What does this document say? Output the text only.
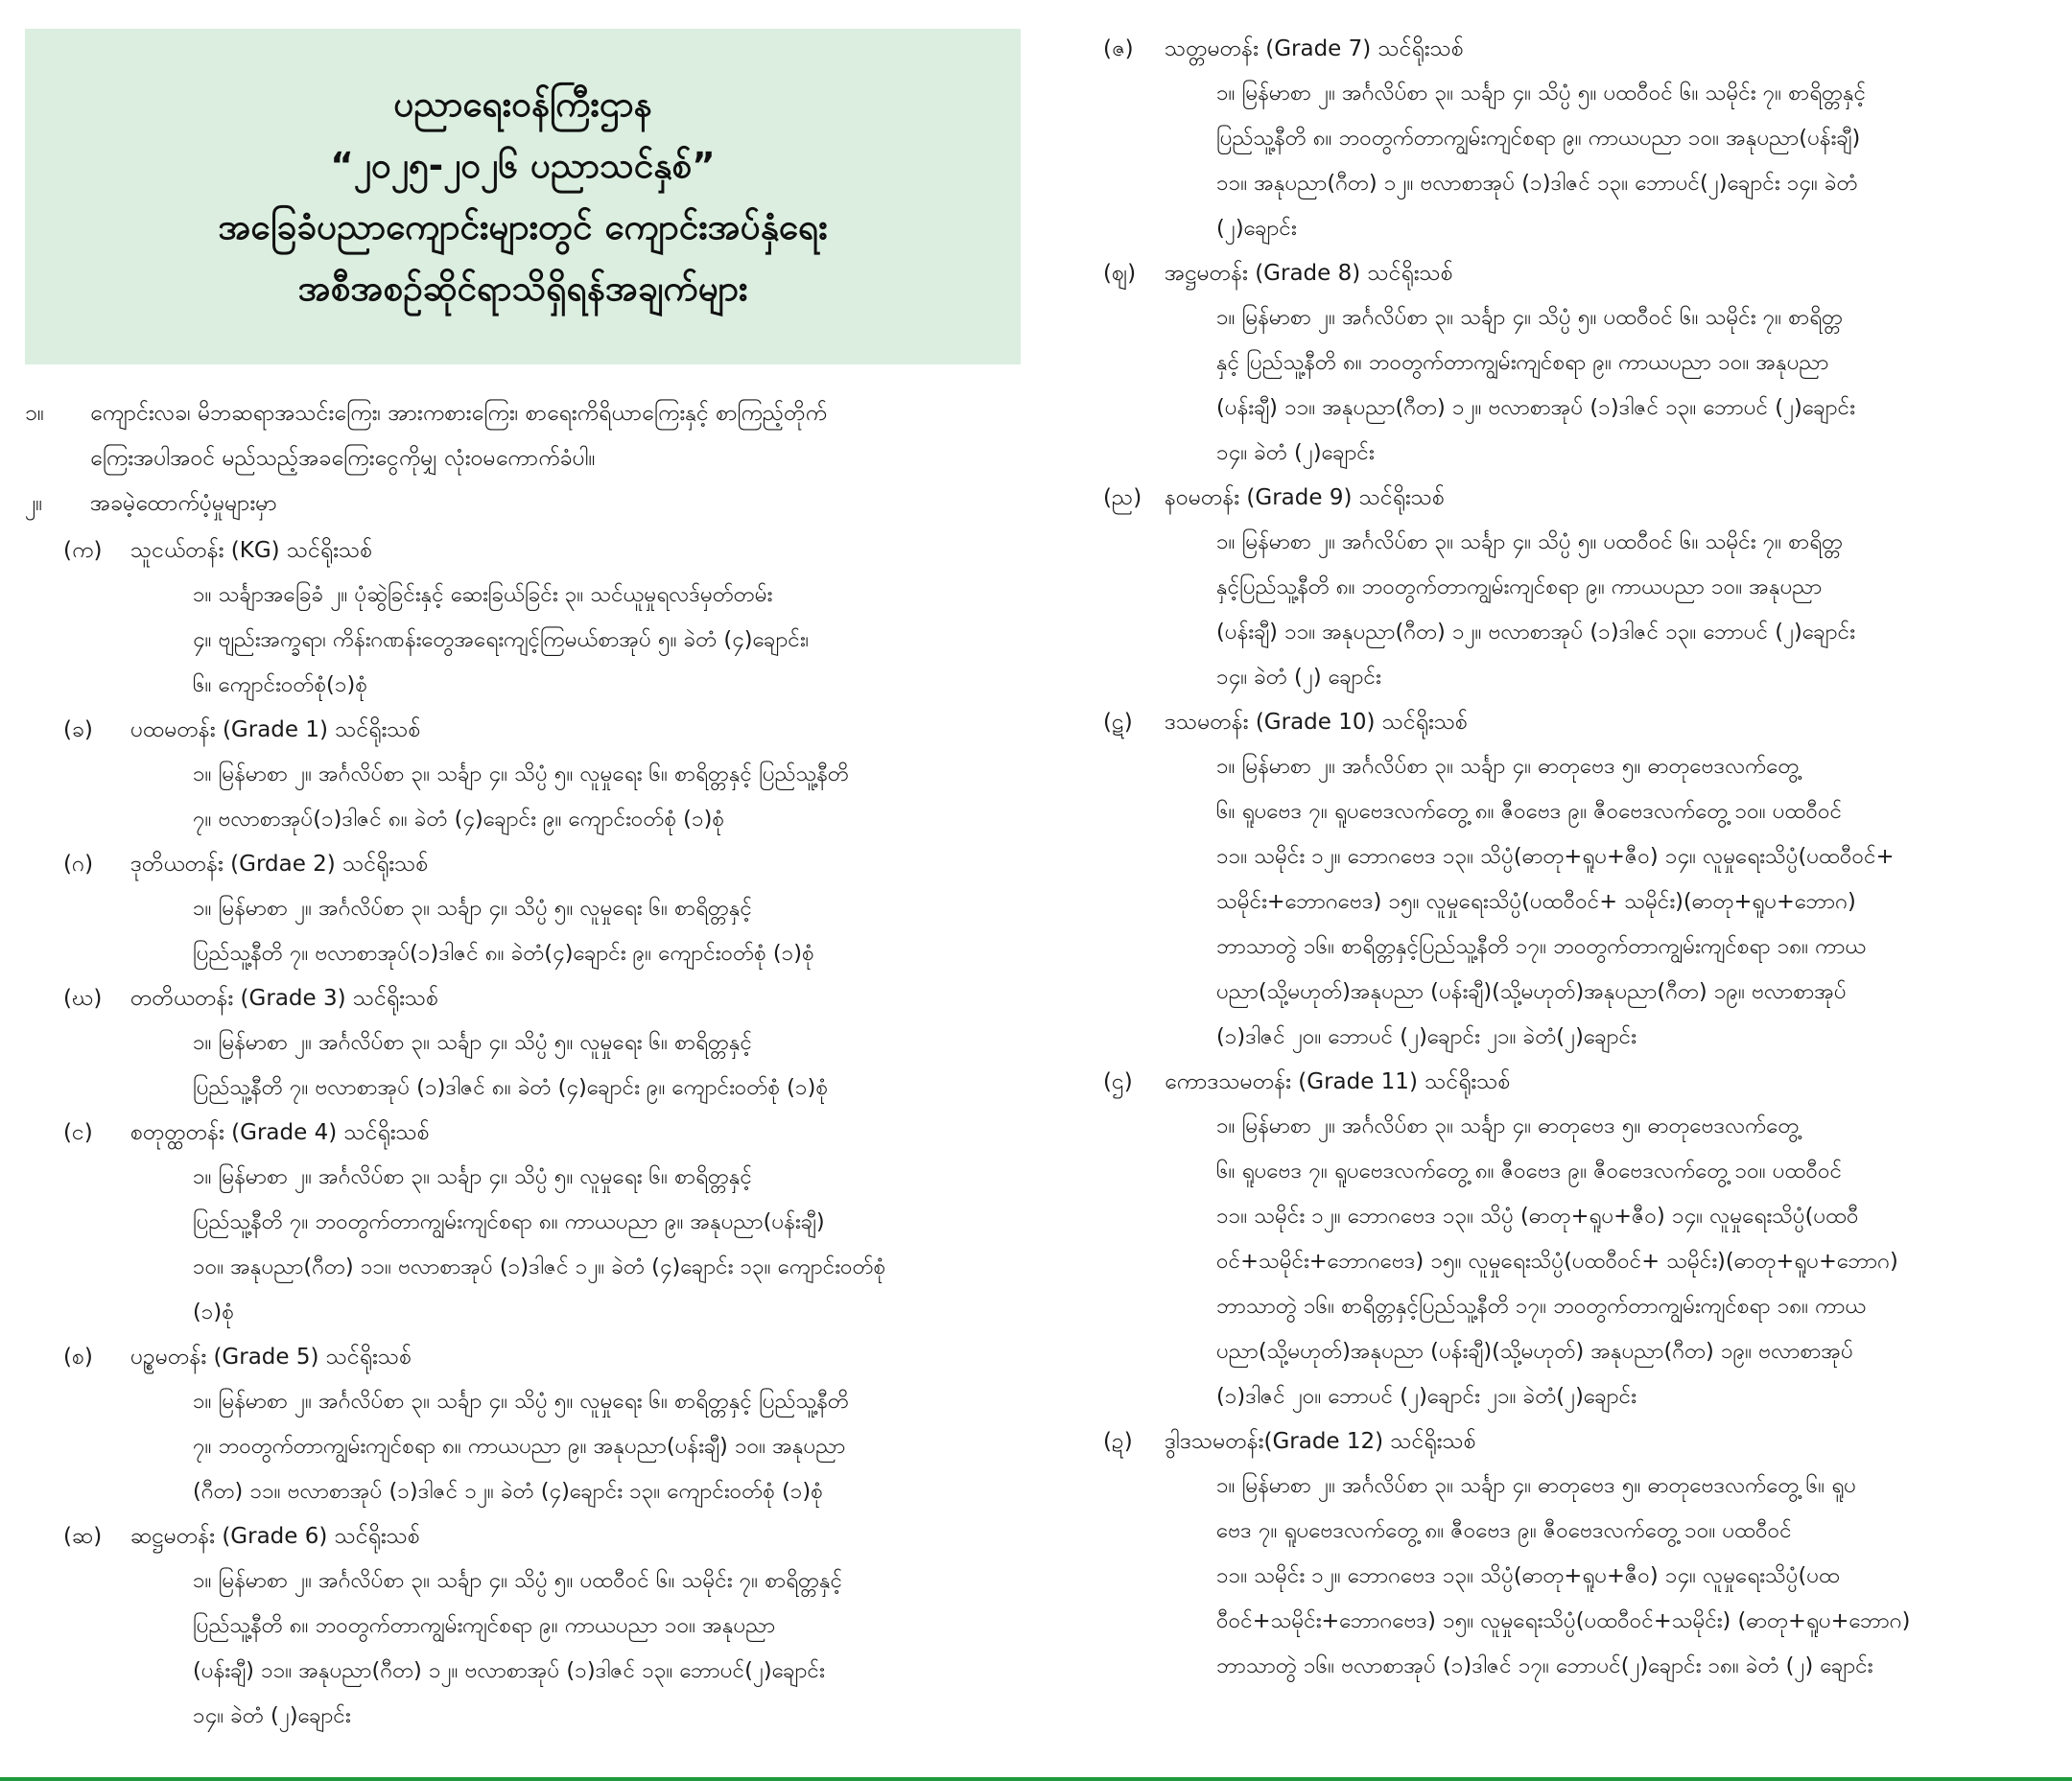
ပညာရေးဝန်ကြီးဌာန
“၂၀၂၅-၂၀၂၆ ပညာသင်နှစ်”
အခြေခံပညာကျောင်းများတွင် ကျောင်းအပ်နှံရေး
အစီအစဉ်ဆိုင်ရာသိရှိရန်အချက်များ
၁။	ကျောင်းလခ၊ မိဘဆရာအသင်းကြေး၊ အားကစားကြေး၊ စာရေးကိရိယာကြေးနှင့် စာကြည့်တိုက်
ကြေးအပါအဝင် မည်သည့်အခကြေးငွေကိုမျှ လုံးဝမကောက်ခံပါ။
၂။	အခမဲ့ထောက်ပံ့မှုများမှာ
(က)	သူငယ်တန်း (KG) သင်ရိုးသစ်
၁။ သင်္ချာအခြေခံ ၂။ ပုံဆွဲခြင်းနှင့် ဆေးခြယ်ခြင်း ၃။ သင်ယူမှုရလဒ်မှတ်တမ်း
၄။ ဗျည်းအက္ခရာ၊ ကိန်းဂဏန်းတွေအရေးကျင့်ကြမယ်စာအုပ် ၅။ ခဲတံ (၄)ချောင်း၊
၆။ ကျောင်းဝတ်စုံ(၁)စုံ
(ခ)	ပထမတန်း (Grade 1) သင်ရိုးသစ်
၁။ မြန်မာစာ ၂။ အင်္ဂလိပ်စာ ၃။ သင်္ချာ ၄။ သိပ္ပံ ၅။ လူမှုရေး ၆။ စာရိတ္တနှင့် ပြည်သူ့နီတိ
၇။ ဗလာစာအုပ်(၁)ဒါဇင် ၈။ ခဲတံ (၄)ချောင်း ၉။ ကျောင်းဝတ်စုံ (၁)စုံ
(ဂ)	ဒုတိယတန်း (Grdae 2) သင်ရိုးသစ်
၁။ မြန်မာစာ ၂။ အင်္ဂလိပ်စာ ၃။ သင်္ချာ ၄။ သိပ္ပံ ၅။ လူမှုရေး ၆။ စာရိတ္တနှင့်
ပြည်သူ့နီတိ ၇။ ဗလာစာအုပ်(၁)ဒါဇင် ၈။ ခဲတံ(၄)ချောင်း ၉။ ကျောင်းဝတ်စုံ (၁)စုံ
(ဃ)	တတိယတန်း (Grade 3) သင်ရိုးသစ်
၁။ မြန်မာစာ ၂။ အင်္ဂလိပ်စာ ၃။ သင်္ချာ ၄။ သိပ္ပံ ၅။ လူမှုရေး ၆။ စာရိတ္တနှင့်
ပြည်သူ့နီတိ ၇။ ဗလာစာအုပ် (၁)ဒါဇင် ၈။ ခဲတံ (၄)ချောင်း ၉။ ကျောင်းဝတ်စုံ (၁)စုံ
(င)	စတုတ္ထတန်း (Grade 4) သင်ရိုးသစ်
၁။ မြန်မာစာ ၂။ အင်္ဂလိပ်စာ ၃။ သင်္ချာ ၄။ သိပ္ပံ ၅။ လူမှုရေး ၆။ စာရိတ္တနှင့်
ပြည်သူ့နီတိ ၇။ ဘဝတွက်တာကျွမ်းကျင်စရာ ၈။ ကာယပညာ ၉။ အနုပညာ(ပန်းချီ)
၁၀။ အနုပညာ(ဂီတ) ၁၁။ ဗလာစာအုပ် (၁)ဒါဇင် ၁၂။ ခဲတံ (၄)ချောင်း ၁၃။ ကျောင်းဝတ်စုံ
(၁)စုံ
(စ)	ပဉ္စမတန်း (Grade 5) သင်ရိုးသစ်
၁။ မြန်မာစာ ၂။ အင်္ဂလိပ်စာ ၃။ သင်္ချာ ၄။ သိပ္ပံ ၅။ လူမှုရေး ၆။ စာရိတ္တနှင့် ပြည်သူ့နီတိ
၇။ ဘဝတွက်တာကျွမ်းကျင်စရာ ၈။ ကာယပညာ ၉။ အနုပညာ(ပန်းချီ) ၁၀။ အနုပညာ
(ဂီတ) ၁၁။ ဗလာစာအုပ် (၁)ဒါဇင် ၁၂။ ခဲတံ (၄)ချောင်း ၁၃။ ကျောင်းဝတ်စုံ (၁)စုံ
(ဆ)	ဆဋ္ဌမတန်း (Grade 6) သင်ရိုးသစ်
၁။ မြန်မာစာ ၂။ အင်္ဂလိပ်စာ ၃။ သင်္ချာ ၄။ သိပ္ပံ ၅။ ပထဝီဝင် ၆။ သမိုင်း ၇။ စာရိတ္တနှင့်
ပြည်သူ့နီတိ ၈။ ဘဝတွက်တာကျွမ်းကျင်စရာ ၉။ ကာယပညာ ၁၀။ အနုပညာ
(ပန်းချီ) ၁၁။ အနုပညာ(ဂီတ) ၁၂။ ဗလာစာအုပ် (၁)ဒါဇင် ၁၃။ ဘောပင်(၂)ချောင်း
၁၄။ ခဲတံ (၂)ချောင်း
(ဇ)	သတ္တမတန်း (Grade 7) သင်ရိုးသစ်
၁။ မြန်မာစာ ၂။ အင်္ဂလိပ်စာ ၃။ သင်္ချာ ၄။ သိပ္ပံ ၅။ ပထဝီဝင် ၆။ သမိုင်း ၇။ စာရိတ္တနှင့်
ပြည်သူ့နီတိ ၈။ ဘဝတွက်တာကျွမ်းကျင်စရာ ၉။ ကာယပညာ ၁၀။ အနုပညာ(ပန်းချီ)
၁၁။ အနုပညာ(ဂီတ) ၁၂။ ဗလာစာအုပ် (၁)ဒါဇင် ၁၃။ ဘောပင်(၂)ချောင်း ၁၄။ ခဲတံ
(၂)ချောင်း
(ဈ)	အဋ္ဌမတန်း (Grade 8) သင်ရိုးသစ်
၁။ မြန်မာစာ ၂။ အင်္ဂလိပ်စာ ၃။ သင်္ချာ ၄။ သိပ္ပံ ၅။ ပထဝီဝင် ၆။ သမိုင်း ၇။ စာရိတ္တ
နှင့် ပြည်သူ့နီတိ ၈။ ဘဝတွက်တာကျွမ်းကျင်စရာ ၉။ ကာယပညာ ၁၀။ အနုပညာ
(ပန်းချီ) ၁၁။ အနုပညာ(ဂီတ) ၁၂။ ဗလာစာအုပ် (၁)ဒါဇင် ၁၃။ ဘောပင် (၂)ချောင်း
၁၄။ ခဲတံ (၂)ချောင်း
(ည)	နဝမတန်း (Grade 9) သင်ရိုးသစ်
၁။ မြန်မာစာ ၂။ အင်္ဂလိပ်စာ ၃။ သင်္ချာ ၄။ သိပ္ပံ ၅။ ပထဝီဝင် ၆။ သမိုင်း ၇။ စာရိတ္တ
နှင့်ပြည်သူ့နီတိ ၈။ ဘဝတွက်တာကျွမ်းကျင်စရာ ၉။ ကာယပညာ ၁၀။ အနုပညာ
(ပန်းချီ) ၁၁။ အနုပညာ(ဂီတ) ၁၂။ ဗလာစာအုပ် (၁)ဒါဇင် ၁၃။ ဘောပင် (၂)ချောင်း
၁၄။ ခဲတံ (၂) ချောင်း
(ဋ)	ဒသမတန်း (Grade 10) သင်ရိုးသစ်
၁။ မြန်မာစာ ၂။ အင်္ဂလိပ်စာ ၃။ သင်္ချာ ၄။ ဓာတုဗေဒ ၅။ ဓာတုဗေဒလက်တွေ့
၆။ ရူပဗေဒ ၇။ ရူပဗေဒလက်တွေ့ ၈။ ဇီဝဗေဒ ၉။ ဇီဝဗေဒလက်တွေ့ ၁၀။ ပထဝီဝင်
၁၁။ သမိုင်း ၁၂။ ဘောဂဗေဒ ၁၃။ သိပ္ပံ(ဓာတု+ရူပ+ဇီဝ) ၁၄။ လူမှုရေးသိပ္ပံ(ပထဝီဝင်+
သမိုင်း+ဘောဂဗေဒ) ၁၅။ လူမှုရေးသိပ္ပံ(ပထဝီဝင်+ သမိုင်း)(ဓာတု+ရူပ+ဘောဂ)
ဘာသာတွဲ ၁၆။ စာရိတ္တနှင့်ပြည်သူ့နီတိ ၁၇။ ဘဝတွက်တာကျွမ်းကျင်စရာ ၁၈။ ကာယ
ပညာ(သို့မဟုတ်)အနုပညာ (ပန်းချီ)(သို့မဟုတ်)အနုပညာ(ဂီတ) ၁၉။ ဗလာစာအုပ်
(၁)ဒါဇင် ၂၀။ ဘောပင် (၂)ချောင်း ၂၁။ ခဲတံ(၂)ချောင်း
(ဌ)	ကောဒသမတန်း (Grade 11) သင်ရိုးသစ်
၁။ မြန်မာစာ ၂။ အင်္ဂလိပ်စာ ၃။ သင်္ချာ ၄။ ဓာတုဗေဒ ၅။ ဓာတုဗေဒလက်တွေ့
၆။ ရူပဗေဒ ၇။ ရူပဗေဒလက်တွေ့ ၈။ ဇီဝဗေဒ ၉။ ဇီဝဗေဒလက်တွေ့ ၁၀။ ပထဝီဝင်
၁၁။ သမိုင်း ၁၂။ ဘောဂဗေဒ ၁၃။ သိပ္ပံ (ဓာတု+ရူပ+ဇီဝ) ၁၄။ လူမှုရေးသိပ္ပံ(ပထဝီ
ဝင်+သမိုင်း+ဘောဂဗေဒ) ၁၅။ လူမှုရေးသိပ္ပံ(ပထဝီဝင်+ သမိုင်း)(ဓာတု+ရူပ+ဘောဂ)
ဘာသာတွဲ ၁၆။ စာရိတ္တနှင့်ပြည်သူ့နီတိ ၁၇။ ဘဝတွက်တာကျွမ်းကျင်စရာ ၁၈။ ကာယ
ပညာ(သို့မဟုတ်)အနုပညာ (ပန်းချီ)(သို့မဟုတ်) အနုပညာ(ဂီတ) ၁၉။ ဗလာစာအုပ်
(၁)ဒါဇင် ၂၀။ ဘောပင် (၂)ချောင်း ၂၁။ ခဲတံ(၂)ချောင်း
(ဍ)	ဒွါဒသမတန်း(Grade 12) သင်ရိုးသစ်
၁။ မြန်မာစာ ၂။ အင်္ဂလိပ်စာ ၃။ သင်္ချာ ၄။ ဓာတုဗေဒ ၅။ ဓာတုဗေဒလက်တွေ့ ၆။ ရူပ
ဗေဒ ၇။ ရူပဗေဒလက်တွေ့ ၈။ ဇီဝဗေဒ ၉။ ဇီဝဗေဒလက်တွေ့ ၁၀။ ပထဝီဝင်
၁၁။ သမိုင်း ၁၂။ ဘောဂဗေဒ ၁၃။ သိပ္ပံ(ဓာတု+ရူပ+ဇီဝ) ၁၄။ လူမှုရေးသိပ္ပံ(ပထ
ဝီဝင်+သမိုင်း+ဘောဂဗေဒ) ၁၅။ လူမှုရေးသိပ္ပံ(ပထဝီဝင်+သမိုင်း) (ဓာတု+ရူပ+ဘောဂ)
ဘာသာတွဲ ၁၆။ ဗလာစာအုပ် (၁)ဒါဇင် ၁၇။ ဘောပင်(၂)ချောင်း ၁၈။ ခဲတံ (၂) ချောင်း
